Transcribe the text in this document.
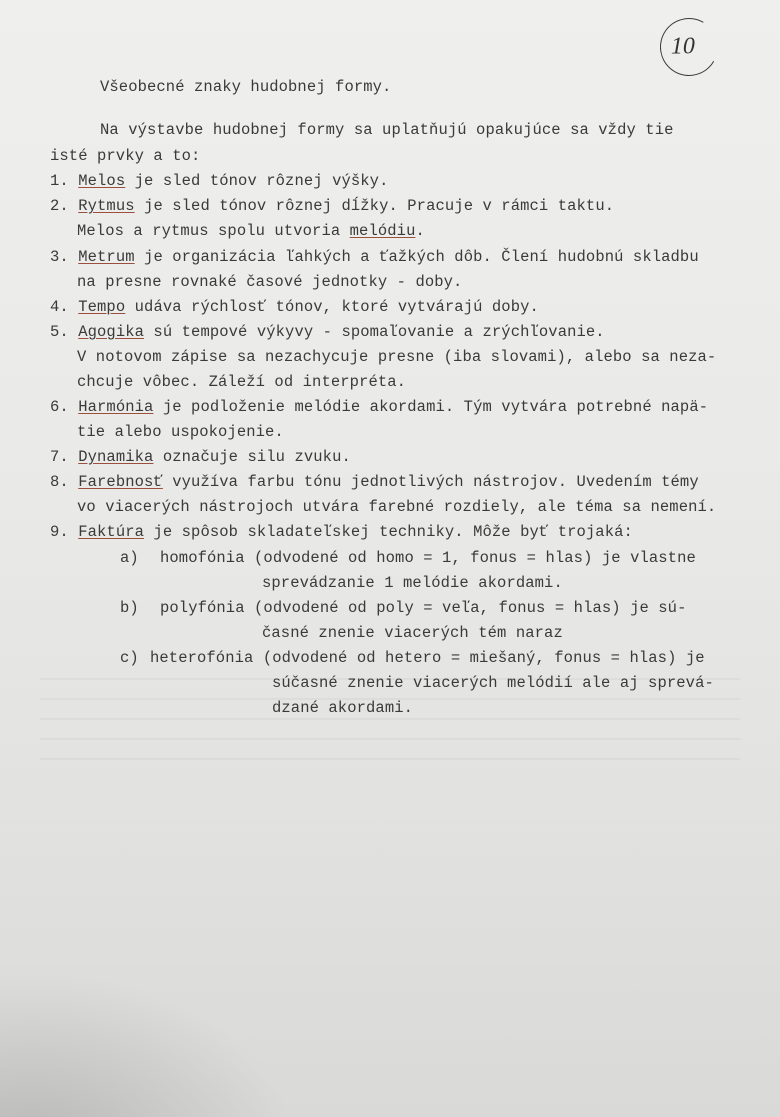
10
Všeobecné znaky hudobnej formy.
Na výstavbe hudobnej formy sa uplatňujú opakujúce sa vždy tie
isté prvky a to:
1. Melos je sled tónov rôznej výšky.
2. Rytmus je sled tónov rôznej dĺžky. Pracuje v rámci taktu.
Melos a rytmus spolu utvoria melódiu.
3. Metrum je organizácia ľahkých a ťažkých dôb. Člení hudobnú skladbu
na presne rovnaké časové jednotky - doby.
4. Tempo udáva rýchlosť tónov, ktoré vytvárajú doby.
5. Agogika sú tempové výkyvy - spomaľovanie a zrýchľovanie.
V notovom zápise sa nezachycuje presne (iba slovami), alebo sa neza-
chcuje vôbec. Záleží od interpréta.
6. Harmónia je podloženie melódie akordami. Tým vytvára potrebné napä-
tie alebo uspokojenie.
7. Dynamika označuje silu zvuku.
8. Farebnosť využíva farbu tónu jednotlivých nástrojov. Uvedením témy
vo viacerých nástrojoch utvára farebné rozdiely, ale téma sa nemení.
9. Faktúra je spôsob skladateľskej techniky. Môže byť trojaká:
a) homofónia (odvodené od homo = 1, fonus = hlas) je vlastne
sprevádzanie 1 melódie akordami.
b) polyfónia (odvodené od poly = veľa, fonus = hlas) je sú-
časné znenie viacerých tém naraz
c) heterofónia (odvodené od hetero = miešaný, fonus = hlas) je
súčasné znenie viacerých melódií ale aj sprevá-
dzané akordami.
